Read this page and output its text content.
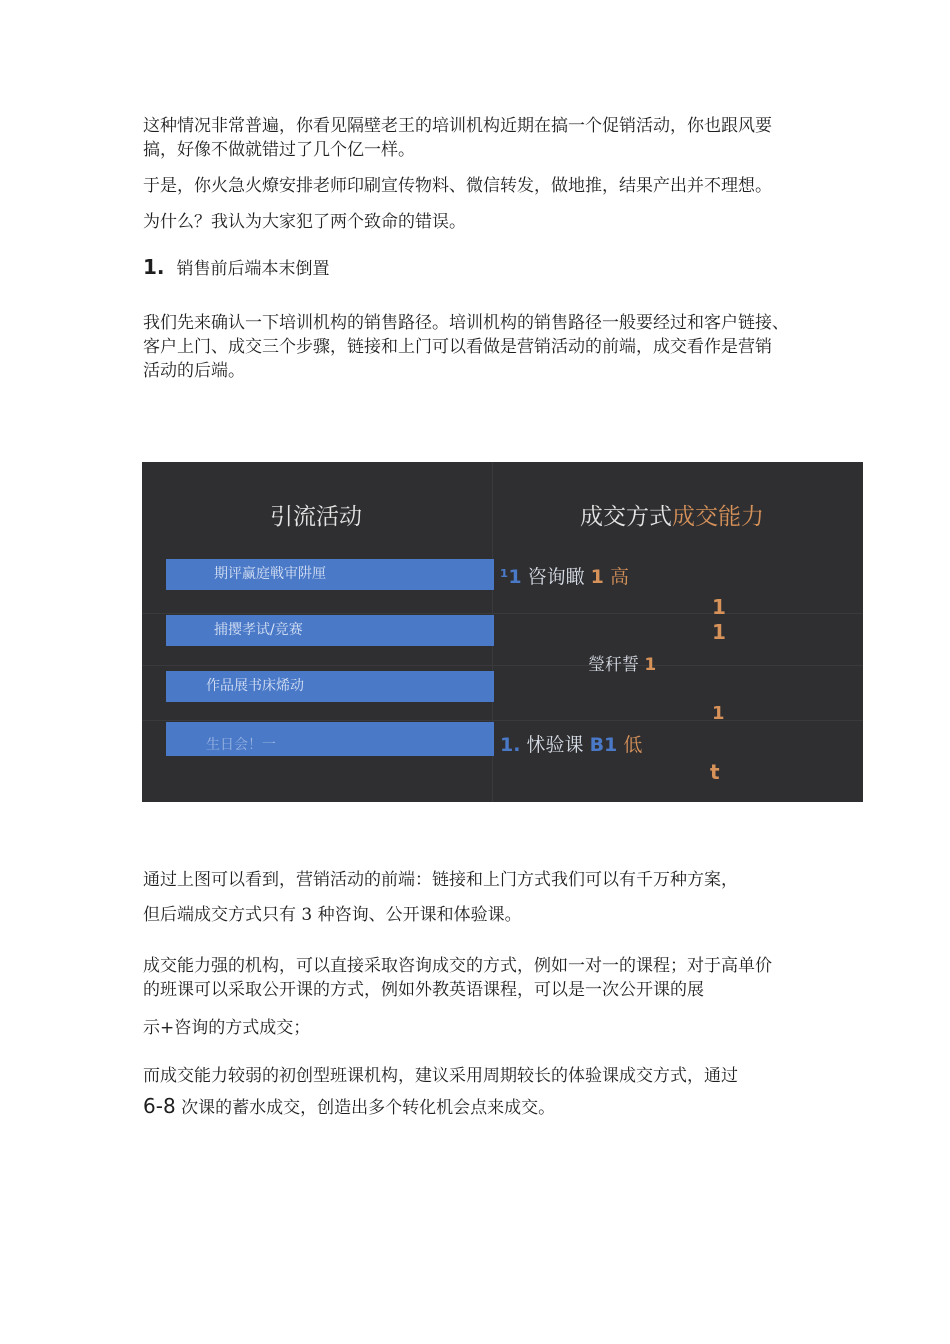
这种情况非常普遍，你看见隔壁老王的培训机构近期在搞一个促销活动，你也跟风要
搞，好像不做就错过了几个亿一样。

于是，你火急火燎安排老师印刷宣传物料、微信转发，做地推，结果产出并不理想。

为什么？我认为大家犯了两个致命的错误。

1. 销售前后端本末倒置

我们先来确认一下培训机构的销售路径。培训机构的销售路径一般要经过和客户链接、
客户上门、成交三个步骤，链接和上门可以看做是营销活动的前端，成交看作是营销
活动的后端。

引流活动	成交方式成交能力
期评赢庭戦审阱厘
捕撄孝试/竞赛
作品展书床烯动
生日会！一
¹1 咨询瞰 1 高
1
1
瑩秆誓 1
1
1. 怵验课 B1 低
t

通过上图可以看到，营销活动的前端：链接和上门方式我们可以有千万种方案，

但后端成交方式只有 3 种咨询、公开课和体验课。

成交能力强的机构，可以直接采取咨询成交的方式，例如一对一的课程；对于高单价
的班课可以采取公开课的方式，例如外教英语课程，可以是一次公开课的展

示+咨询的方式成交；

而成交能力较弱的初创型班课机构，建议采用周期较长的体验课成交方式，通过

6-8 次课的蓄水成交，创造出多个转化机会点来成交。
